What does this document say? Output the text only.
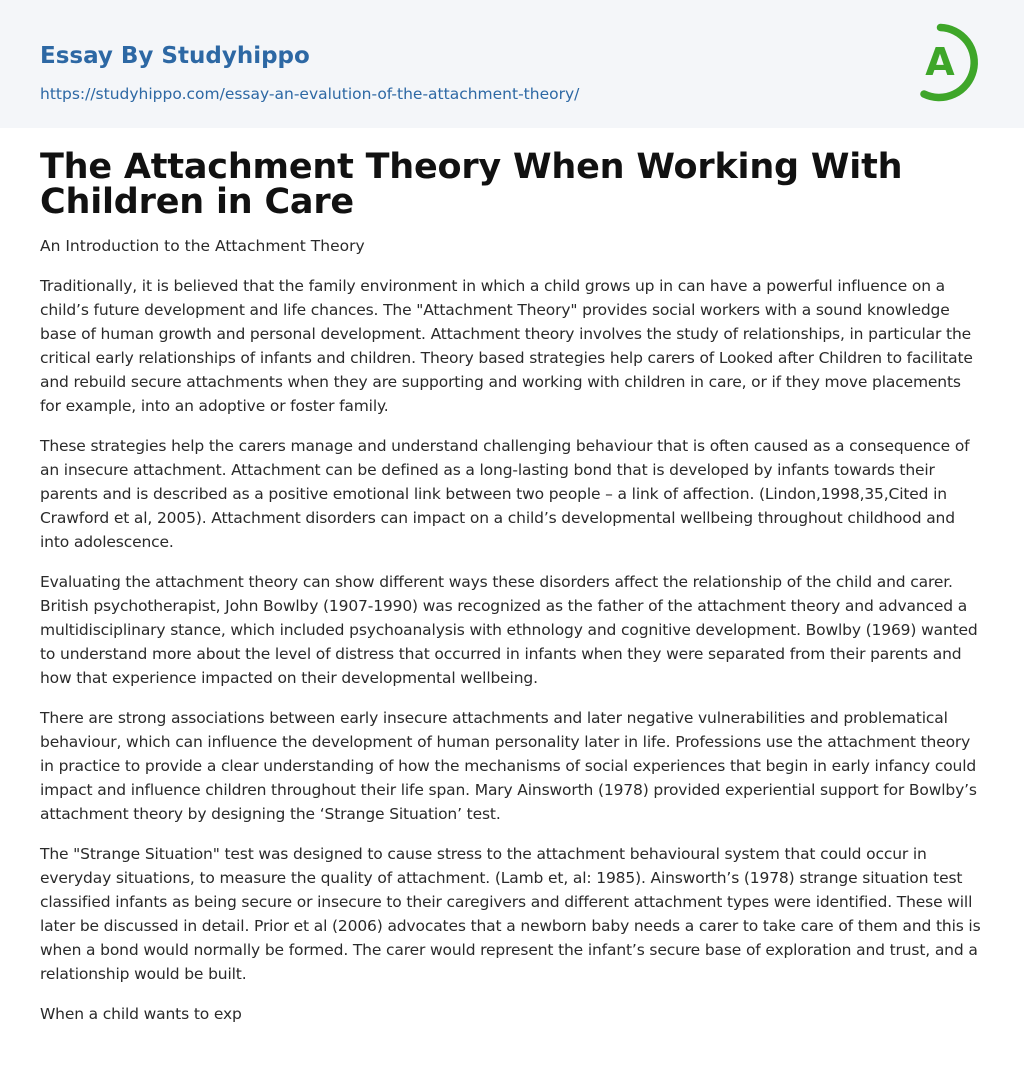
Essay By Studyhippo
https://studyhippo.com/essay-an-evalution-of-the-attachment-theory/
A
The Attachment Theory When Working With Children in Care

An Introduction to the Attachment Theory

Traditionally, it is believed that the family environment in which a child grows up in can have a powerful influence on a child’s future development and life chances. The "Attachment Theory" provides social workers with a sound knowledge base of human growth and personal development. Attachment theory involves the study of relationships, in particular the critical early relationships of infants and children. Theory based strategies help carers of Looked after Children to facilitate and rebuild secure attachments when they are supporting and working with children in care, or if they move placements for example, into an adoptive or foster family.

These strategies help the carers manage and understand challenging behaviour that is often caused as a consequence of an insecure attachment. Attachment can be defined as a long-lasting bond that is developed by infants towards their parents and is described as a positive emotional link between two people – a link of affection. (Lindon,1998,35,Cited in Crawford et al, 2005). Attachment disorders can impact on a child’s developmental wellbeing throughout childhood and into adolescence.

Evaluating the attachment theory can show different ways these disorders affect the relationship of the child and carer. British psychotherapist, John Bowlby (1907-1990) was recognized as the father of the attachment theory and advanced a multidisciplinary stance, which included psychoanalysis with ethnology and cognitive development. Bowlby (1969) wanted to understand more about the level of distress that occurred in infants when they were separated from their parents and how that experience impacted on their developmental wellbeing.

There are strong associations between early insecure attachments and later negative vulnerabilities and problematical behaviour, which can influence the development of human personality later in life. Professions use the attachment theory in practice to provide a clear understanding of how the mechanisms of social experiences that begin in early infancy could impact and influence children throughout their life span. Mary Ainsworth (1978) provided experiential support for Bowlby’s attachment theory by designing the ‘Strange Situation’ test.

The "Strange Situation" test was designed to cause stress to the attachment behavioural system that could occur in everyday situations, to measure the quality of attachment. (Lamb et, al: 1985). Ainsworth’s (1978) strange situation test classified infants as being secure or insecure to their caregivers and different attachment types were identified. These will later be discussed in detail. Prior et al (2006) advocates that a newborn baby needs a carer to take care of them and this is when a bond would normally be formed. The carer would represent the infant’s secure base of exploration and trust, and a relationship would be built.

When a child wants to exp
